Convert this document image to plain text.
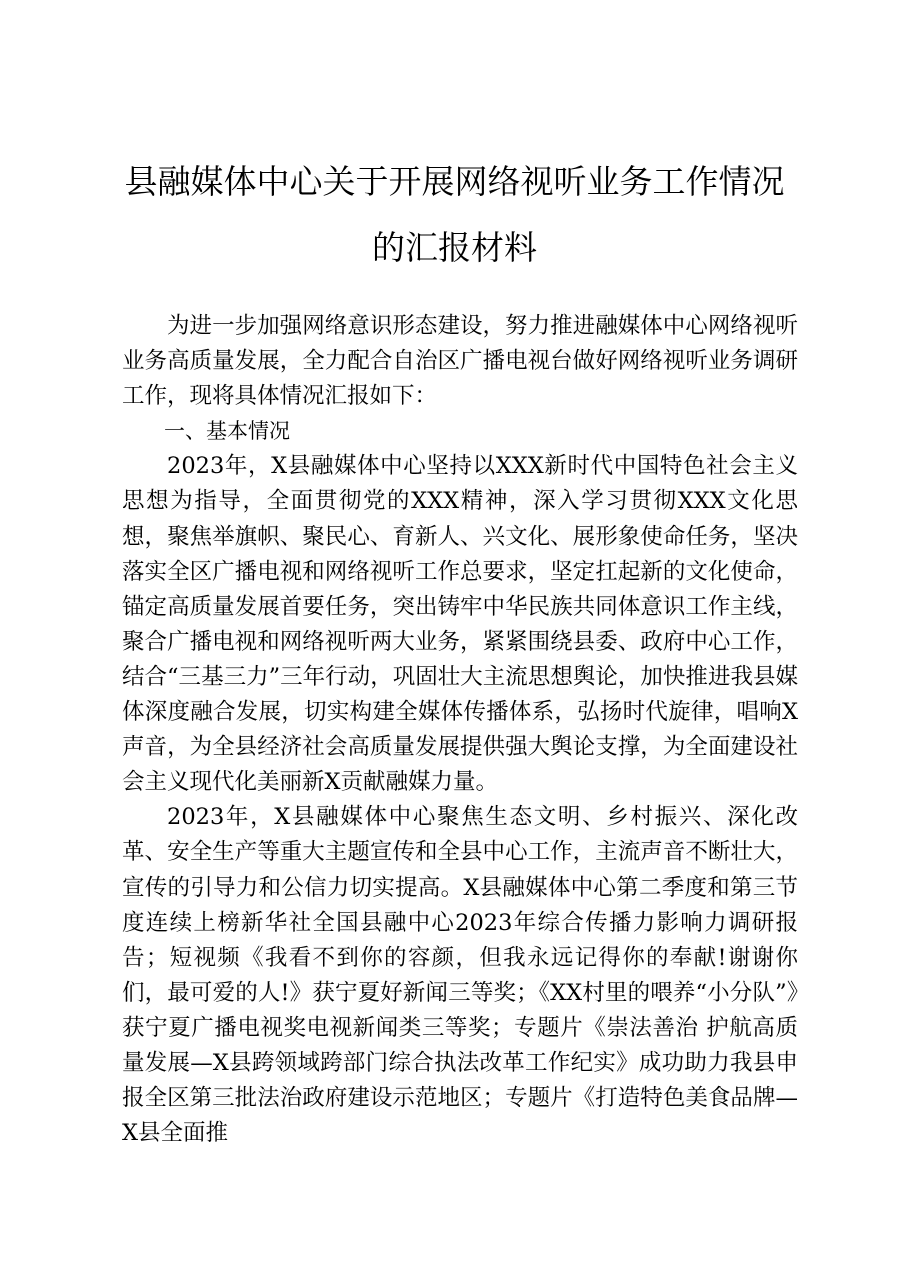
县融媒体中心关于开展网络视听业务工作情况
的汇报材料

为进一步加强网络意识形态建设，努力推进融媒体中心网络视听业务高质量发展，全力配合自治区广播电视台做好网络视听业务调研工作，现将具体情况汇报如下：

一、基本情况

2023年，X县融媒体中心坚持以XXX新时代中国特色社会主义思想为指导，全面贯彻党的XXX精神，深入学习贯彻XXX文化思想，聚焦举旗帜、聚民心、育新人、兴文化、展形象使命任务，坚决落实全区广播电视和网络视听工作总要求，坚定扛起新的文化使命，锚定高质量发展首要任务，突出铸牢中华民族共同体意识工作主线，聚合广播电视和网络视听两大业务，紧紧围绕县委、政府中心工作，结合“三基三力”三年行动，巩固壮大主流思想舆论，加快推进我县媒体深度融合发展，切实构建全媒体传播体系，弘扬时代旋律，唱响X声音，为全县经济社会高质量发展提供强大舆论支撑，为全面建设社会主义现代化美丽新X贡献融媒力量。

2023年，X县融媒体中心聚焦生态文明、乡村振兴、深化改革、安全生产等重大主题宣传和全县中心工作，主流声音不断壮大，宣传的引导力和公信力切实提高。X县融媒体中心第二季度和第三节度连续上榜新华社全国县融中心2023年综合传播力影响力调研报告；短视频《我看不到你的容颜，但我永远记得你的奉献!谢谢你们，最可爱的人!》获宁夏好新闻三等奖；《XX村里的喂养“小分队”》获宁夏广播电视奖电视新闻类三等奖；专题片《崇法善治 护航高质量发展—X县跨领域跨部门综合执法改革工作纪实》成功助力我县申报全区第三批法治政府建设示范地区；专题片《打造特色美食品牌—X县全面推
